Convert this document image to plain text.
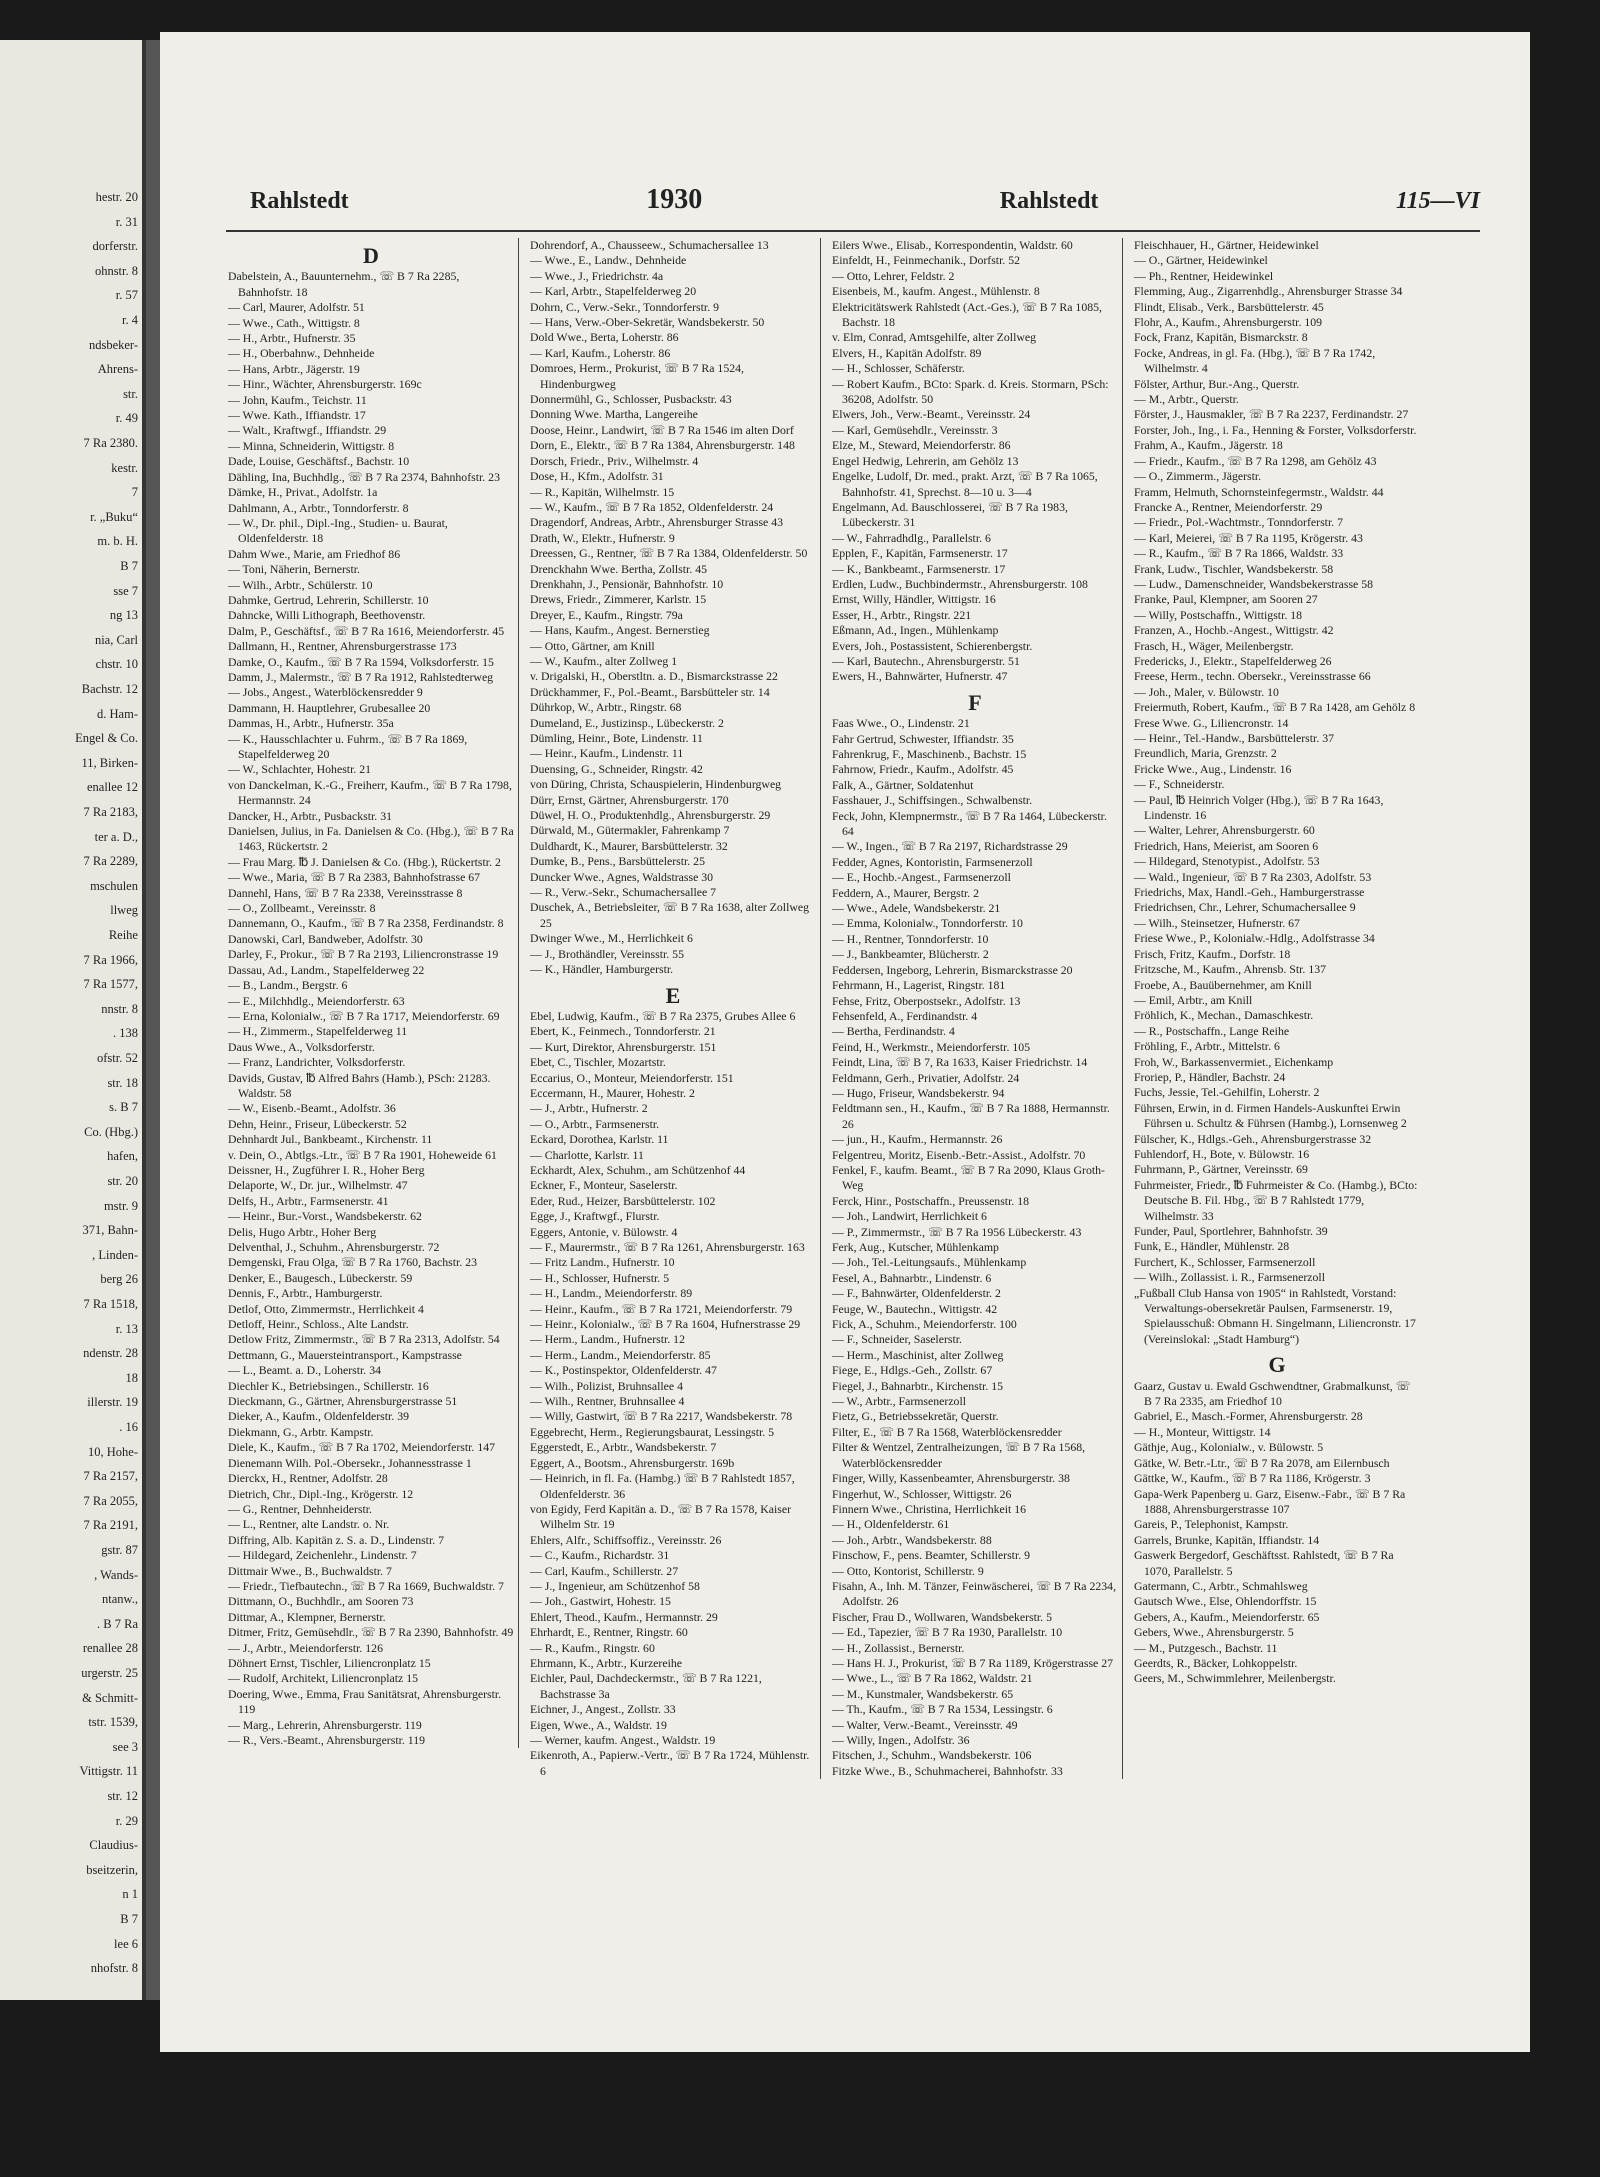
hestr. 20
r. 31
dorferstr.
ohnstr. 8
r. 57
r. 4
ndsbeker-
Ahrens-
str.
r. 49
7 Ra 2380.
kestr.
7
r. „Buku“
m. b. H.
B 7
sse 7
ng 13
nia, Carl
chstr. 10
Bachstr. 12
d. Ham-
Engel & Co.
11, Birken-
enallee 12
7 Ra 2183,
ter a. D.,
7 Ra 2289,
mschulen
llweg
Reihe
7 Ra 1966,
7 Ra 1577,
nnstr. 8
. 138
ofstr. 52
str. 18
s. B 7
Co. (Hbg.)
hafen,
str. 20
mstr. 9
371, Bahn-
, Linden-
berg 26
7 Ra 1518,
r. 13
ndenstr. 28
18
illerstr. 19
. 16
10, Hohe-
7 Ra 2157,
7 Ra 2055,
7 Ra 2191,
gstr. 87
, Wands-
ntanw.,
. B 7 Ra
renallee 28
urgerstr. 25
& Schmitt-
tstr. 1539,
see 3
Vittigstr. 11
str. 12
r. 29
Claudius-
bseitzerin,
n 1
B 7
lee 6
nhofstr. 8
Rahlstedt	1930	Rahlstedt	115—VI

D

Dabelstein, A., Bauunternehm., ☏ B 7 Ra 2285, Bahnhofstr. 18

— Carl, Maurer, Adolfstr. 51

— Wwe., Cath., Wittigstr. 8

— H., Arbtr., Hufnerstr. 35

— H., Oberbahnw., Dehnheide

— Hans, Arbtr., Jägerstr. 19

— Hinr., Wächter, Ahrensburgerstr. 169c

— John, Kaufm., Teichstr. 11

— Wwe. Kath., Iffiandstr. 17

— Walt., Kraftwgf., Iffiandstr. 29

— Minna, Schneiderin, Wittigstr. 8

Dade, Louise, Geschäftsf., Bachstr. 10

Dähling, Ina, Buchhdlg., ☏ B 7 Ra 2374, Bahnhofstr. 23

Dämke, H., Privat., Adolfstr. 1a

Dahlmann, A., Arbtr., Tonndorferstr. 8

— W., Dr. phil., Dipl.-Ing., Studien- u. Baurat, Oldenfelderstr. 18

Dahm Wwe., Marie, am Friedhof 86

— Toni, Näherin, Bernerstr.

— Wilh., Arbtr., Schülerstr. 10

Dahmke, Gertrud, Lehrerin, Schillerstr. 10

Dahncke, Willi Lithograph, Beethovenstr.

Dalm, P., Geschäftsf., ☏ B 7 Ra 1616, Meiendorferstr. 45

Dallmann, H., Rentner, Ahrensburgerstrasse 173

Damke, O., Kaufm., ☏ B 7 Ra 1594, Volksdorferstr. 15

Damm, J., Malermstr., ☏ B 7 Ra 1912, Rahlstedterweg

— Jobs., Angest., Waterblöckensredder 9

Dammann, H. Hauptlehrer, Grubesallee 20

Dammas, H., Arbtr., Hufnerstr. 35a

— K., Hausschlachter u. Fuhrm., ☏ B 7 Ra 1869, Stapelfelderweg 20

— W., Schlachter, Hohestr. 21

von Danckelman, K.-G., Freiherr, Kaufm., ☏ B 7 Ra 1798, Hermannstr. 24

Dancker, H., Arbtr., Pusbackstr. 31

Danielsen, Julius, in Fa. Danielsen & Co. (Hbg.), ☏ B 7 Ra 1463, Rückertstr. 2

— Frau Marg. ℔ J. Danielsen & Co. (Hbg.), Rückertstr. 2

— Wwe., Maria, ☏ B 7 Ra 2383, Bahnhofstrasse 67

Dannehl, Hans, ☏ B 7 Ra 2338, Vereinsstrasse 8

— O., Zollbeamt., Vereinsstr. 8

Dannemann, O., Kaufm., ☏ B 7 Ra 2358, Ferdinandstr. 8

Danowski, Carl, Bandweber, Adolfstr. 30

Darley, F., Prokur., ☏ B 7 Ra 2193, Liliencronstrasse 19

Dassau, Ad., Landm., Stapelfelderweg 22

— B., Landm., Bergstr. 6

— E., Milchhdlg., Meiendorferstr. 63

— Erna, Kolonialw., ☏ B 7 Ra 1717, Meiendorferstr. 69

— H., Zimmerm., Stapelfelderweg 11

Daus Wwe., A., Volksdorferstr.

— Franz, Landrichter, Volksdorferstr.

Davids, Gustav, ℔ Alfred Bahrs (Hamb.), PSch: 21283. Waldstr. 58

— W., Eisenb.-Beamt., Adolfstr. 36

Dehn, Heinr., Friseur, Lübeckerstr. 52

Dehnhardt Jul., Bankbeamt., Kirchenstr. 11

v. Dein, O., Abtlgs.-Ltr., ☏ B 7 Ra 1901, Hoheweide 61

Deissner, H., Zugführer I. R., Hoher Berg

Delaporte, W., Dr. jur., Wilhelmstr. 47

Delfs, H., Arbtr., Farmsenerstr. 41

— Heinr., Bur.-Vorst., Wandsbekerstr. 62

Delis, Hugo Arbtr., Hoher Berg

Delventhal, J., Schuhm., Ahrensburgerstr. 72

Demgenski, Frau Olga, ☏ B 7 Ra 1760, Bachstr. 23

Denker, E., Baugesch., Lübeckerstr. 59

Dennis, F., Arbtr., Hamburgerstr.

Detlof, Otto, Zimmermstr., Herrlichkeit 4

Detloff, Heinr., Schloss., Alte Landstr.

Detlow Fritz, Zimmermstr., ☏ B 7 Ra 2313, Adolfstr. 54

Dettmann, G., Mauersteintransport., Kampstrasse

— L., Beamt. a. D., Loherstr. 34

Diechler K., Betriebsingen., Schillerstr. 16

Dieckmann, G., Gärtner, Ahrensburgerstrasse 51

Dieker, A., Kaufm., Oldenfelderstr. 39

Diekmann, G., Arbtr. Kampstr.

Diele, K., Kaufm., ☏ B 7 Ra 1702, Meiendorferstr. 147

Dienemann Wilh. Pol.-Obersekr., Johannesstrasse 1

Dierckx, H., Rentner, Adolfstr. 28

Dietrich, Chr., Dipl.-Ing., Krögerstr. 12

— G., Rentner, Dehnheiderstr.

— L., Rentner, alte Landstr. o. Nr.

Diffring, Alb. Kapitän z. S. a. D., Lindenstr. 7

— Hildegard, Zeichenlehr., Lindenstr. 7

Dittmair Wwe., B., Buchwaldstr. 7

— Friedr., Tiefbautechn., ☏ B 7 Ra 1669, Buchwaldstr. 7

Dittmann, O., Buchhdlr., am Sooren 73

Dittmar, A., Klempner, Bernerstr.

Ditmer, Fritz, Gemüsehdlr., ☏ B 7 Ra 2390, Bahnhofstr. 49

— J., Arbtr., Meiendorferstr. 126

Döhnert Ernst, Tischler, Liliencronplatz 15

— Rudolf, Architekt, Liliencronplatz 15

Doering, Wwe., Emma, Frau Sanitätsrat, Ahrensburgerstr. 119

— Marg., Lehrerin, Ahrensburgerstr. 119

— R., Vers.-Beamt., Ahrensburgerstr. 119

Dohrendorf, A., Chausseew., Schumachersallee 13

— Wwe., E., Landw., Dehnheide

— Wwe., J., Friedrichstr. 4a

— Karl, Arbtr., Stapelfelderweg 20

Dohrn, C., Verw.-Sekr., Tonndorferstr. 9

— Hans, Verw.-Ober-Sekretär, Wandsbekerstr. 50

Dold Wwe., Berta, Loherstr. 86

— Karl, Kaufm., Loherstr. 86

Domroes, Herm., Prokurist, ☏ B 7 Ra 1524, Hindenburgweg

Donnermühl, G., Schlosser, Pusbackstr. 43

Donning Wwe. Martha, Langereihe

Doose, Heinr., Landwirt, ☏ B 7 Ra 1546 im alten Dorf

Dorn, E., Elektr., ☏ B 7 Ra 1384, Ahrensburgerstr. 148

Dorsch, Friedr., Priv., Wilhelmstr. 4

Dose, H., Kfm., Adolfstr. 31

— R., Kapitän, Wilhelmstr. 15

— W., Kaufm., ☏ B 7 Ra 1852, Oldenfelderstr. 24

Dragendorf, Andreas, Arbtr., Ahrensburger Strasse 43

Drath, W., Elektr., Hufnerstr. 9

Dreessen, G., Rentner, ☏ B 7 Ra 1384, Oldenfelderstr. 50

Drenckhahn Wwe. Bertha, Zollstr. 45

Drenkhahn, J., Pensionär, Bahnhofstr. 10

Drews, Friedr., Zimmerer, Karlstr. 15

Dreyer, E., Kaufm., Ringstr. 79a

— Hans, Kaufm., Angest. Bernerstieg

— Otto, Gärtner, am Knill

— W., Kaufm., alter Zollweg 1

v. Drigalski, H., Oberstltn. a. D., Bismarckstrasse 22

Drückhammer, F., Pol.-Beamt., Barsbütteler str. 14

Dührkop, W., Arbtr., Ringstr. 68

Dumeland, E., Justizinsp., Lübeckerstr. 2

Dümling, Heinr., Bote, Lindenstr. 11

— Heinr., Kaufm., Lindenstr. 11

Duensing, G., Schneider, Ringstr. 42

von Düring, Christa, Schauspielerin, Hindenburgweg

Dürr, Ernst, Gärtner, Ahrensburgerstr. 170

Düwel, H. O., Produktenhdlg., Ahrensburgerstr. 29

Dürwald, M., Gütermakler, Fahrenkamp 7

Duldhardt, K., Maurer, Barsbüttelerstr. 32

Dumke, B., Pens., Barsbüttelerstr. 25

Duncker Wwe., Agnes, Waldstrasse 30

— R., Verw.-Sekr., Schumachersallee 7

Duschek, A., Betriebsleiter, ☏ B 7 Ra 1638, alter Zollweg 25

Dwinger Wwe., M., Herrlichkeit 6

— J., Brothändler, Vereinsstr. 55

— K., Händler, Hamburgerstr.

E

Ebel, Ludwig, Kaufm., ☏ B 7 Ra 2375, Grubes Allee 6

Ebert, K., Feinmech., Tonndorferstr. 21

— Kurt, Direktor, Ahrensburgerstr. 151

Ebet, C., Tischler, Mozartstr.

Eccarius, O., Monteur, Meiendorferstr. 151

Eccermann, H., Maurer, Hohestr. 2

— J., Arbtr., Hufnerstr. 2

— O., Arbtr., Farmsenerstr.

Eckard, Dorothea, Karlstr. 11

— Charlotte, Karlstr. 11

Eckhardt, Alex, Schuhm., am Schützenhof 44

Eckner, F., Monteur, Saselerstr.

Eder, Rud., Heizer, Barsbüttelerstr. 102

Egge, J., Kraftwgf., Flurstr.

Eggers, Antonie, v. Bülowstr. 4

— F., Maurermstr., ☏ B 7 Ra 1261, Ahrensburgerstr. 163

— Fritz Landm., Hufnerstr. 10

— H., Schlosser, Hufnerstr. 5

— H., Landm., Meiendorferstr. 89

— Heinr., Kaufm., ☏ B 7 Ra 1721, Meiendorferstr. 79

— Heinr., Kolonialw., ☏ B 7 Ra 1604, Hufnerstrasse 29

— Herm., Landm., Hufnerstr. 12

— Herm., Landm., Meiendorferstr. 85

— K., Postinspektor, Oldenfelderstr. 47

— Wilh., Polizist, Bruhnsallee 4

— Wilh., Rentner, Bruhnsallee 4

— Willy, Gastwirt, ☏ B 7 Ra 2217, Wandsbekerstr. 78

Eggebrecht, Herm., Regierungsbaurat, Lessingstr. 5

Eggerstedt, E., Arbtr., Wandsbekerstr. 7

Eggert, A., Bootsm., Ahrensburgerstr. 169b

— Heinrich, in fl. Fa. (Hambg.) ☏ B 7 Rahlstedt 1857, Oldenfelderstr. 36

von Egidy, Ferd Kapitän a. D., ☏ B 7 Ra 1578, Kaiser Wilhelm Str. 19

Ehlers, Alfr., Schiffsoffiz., Vereinsstr. 26

— C., Kaufm., Richardstr. 31

— Carl, Kaufm., Schillerstr. 27

— J., Ingenieur, am Schützenhof 58

— Joh., Gastwirt, Hohestr. 15

Ehlert, Theod., Kaufm., Hermannstr. 29

Ehrhardt, E., Rentner, Ringstr. 60

— R., Kaufm., Ringstr. 60

Ehrmann, K., Arbtr., Kurzereihe

Eichler, Paul, Dachdeckermstr., ☏ B 7 Ra 1221, Bachstrasse 3a

Eichner, J., Angest., Zollstr. 33

Eigen, Wwe., A., Waldstr. 19

— Werner, kaufm. Angest., Waldstr. 19

Eikenroth, A., Papierw.-Vertr., ☏ B 7 Ra 1724, Mühlenstr. 6

Eilers Wwe., Elisab., Korrespondentin, Waldstr. 60

Einfeldt, H., Feinmechanik., Dorfstr. 52

— Otto, Lehrer, Feldstr. 2

Eisenbeis, M., kaufm. Angest., Mühlenstr. 8

Elektricitätswerk Rahlstedt (Act.-Ges.), ☏ B 7 Ra 1085, Bachstr. 18

v. Elm, Conrad, Amtsgehilfe, alter Zollweg

Elvers, H., Kapitän Adolfstr. 89

— H., Schlosser, Schäferstr.

— Robert Kaufm., BCto: Spark. d. Kreis. Stormarn, PSch: 36208, Adolfstr. 50

Elwers, Joh., Verw.-Beamt., Vereinsstr. 24

— Karl, Gemüsehdlr., Vereinsstr. 3

Elze, M., Steward, Meiendorferstr. 86

Engel Hedwig, Lehrerin, am Gehölz 13

Engelke, Ludolf, Dr. med., prakt. Arzt, ☏ B 7 Ra 1065, Bahnhofstr. 41, Sprechst. 8—10 u. 3—4

Engelmann, Ad. Bauschlosserei, ☏ B 7 Ra 1983, Lübeckerstr. 31

— W., Fahrradhdlg., Parallelstr. 6

Epplen, F., Kapitän, Farmsenerstr. 17

— K., Bankbeamt., Farmsenerstr. 17

Erdlen, Ludw., Buchbindermstr., Ahrensburgerstr. 108

Ernst, Willy, Händler, Wittigstr. 16

Esser, H., Arbtr., Ringstr. 221

Eßmann, Ad., Ingen., Mühlenkamp

Evers, Joh., Postassistent, Schierenbergstr.

— Karl, Bautechn., Ahrensburgerstr. 51

Ewers, H., Bahnwärter, Hufnerstr. 47

F

Faas Wwe., O., Lindenstr. 21

Fahr Gertrud, Schwester, Iffiandstr. 35

Fahrenkrug, F., Maschinenb., Bachstr. 15

Fahrnow, Friedr., Kaufm., Adolfstr. 45

Falk, A., Gärtner, Soldatenhut

Fasshauer, J., Schiffsingen., Schwalbenstr.

Feck, John, Klempnermstr., ☏ B 7 Ra 1464, Lübeckerstr. 64

— W., Ingen., ☏ B 7 Ra 2197, Richardstrasse 29

Fedder, Agnes, Kontoristin, Farmsenerzoll

— E., Hochb.-Angest., Farmsenerzoll

Feddern, A., Maurer, Bergstr. 2

— Wwe., Adele, Wandsbekerstr. 21

— Emma, Kolonialw., Tonndorferstr. 10

— H., Rentner, Tonndorferstr. 10

— J., Bankbeamter, Blücherstr. 2

Feddersen, Ingeborg, Lehrerin, Bismarckstrasse 20

Fehrmann, H., Lagerist, Ringstr. 181

Fehse, Fritz, Oberpostsekr., Adolfstr. 13

Fehsenfeld, A., Ferdinandstr. 4

— Bertha, Ferdinandstr. 4

Feind, H., Werkmstr., Meiendorferstr. 105

Feindt, Lina, ☏ B 7, Ra 1633, Kaiser Friedrichstr. 14

Feldmann, Gerh., Privatier, Adolfstr. 24

— Hugo, Friseur, Wandsbekerstr. 94

Feldtmann sen., H., Kaufm., ☏ B 7 Ra 1888, Hermannstr. 26

— jun., H., Kaufm., Hermannstr. 26

Felgentreu, Moritz, Eisenb.-Betr.-Assist., Adolfstr. 70

Fenkel, F., kaufm. Beamt., ☏ B 7 Ra 2090, Klaus Groth-Weg

Ferck, Hinr., Postschaffn., Preussenstr. 18

— Joh., Landwirt, Herrlichkeit 6

— P., Zimmermstr., ☏ B 7 Ra 1956 Lübeckerstr. 43

Ferk, Aug., Kutscher, Mühlenkamp

— Joh., Tel.-Leitungsaufs., Mühlenkamp

Fesel, A., Bahnarbtr., Lindenstr. 6

— F., Bahnwärter, Oldenfelderstr. 2

Feuge, W., Bautechn., Wittigstr. 42

Fick, A., Schuhm., Meiendorferstr. 100

— F., Schneider, Saselerstr.

— Herm., Maschinist, alter Zollweg

Fiege, E., Hdlgs.-Geh., Zollstr. 67

Fiegel, J., Bahnarbtr., Kirchenstr. 15

— W., Arbtr., Farmsenerzoll

Fietz, G., Betriebssekretär, Querstr.

Filter, E., ☏ B 7 Ra 1568, Waterblöckensredder

Filter & Wentzel, Zentralheizungen, ☏ B 7 Ra 1568, Waterblöckensredder

Finger, Willy, Kassenbeamter, Ahrensburgerstr. 38

Fingerhut, W., Schlosser, Wittigstr. 26

Finnern Wwe., Christina, Herrlichkeit 16

— H., Oldenfelderstr. 61

— Joh., Arbtr., Wandsbekerstr. 88

Finschow, F., pens. Beamter, Schillerstr. 9

— Otto, Kontorist, Schillerstr. 9

Fisahn, A., Inh. M. Tänzer, Feinwäscherei, ☏ B 7 Ra 2234, Adolfstr. 26

Fischer, Frau D., Wollwaren, Wandsbekerstr. 5

— Ed., Tapezier, ☏ B 7 Ra 1930, Parallelstr. 10

— H., Zollassist., Bernerstr.

— Hans H. J., Prokurist, ☏ B 7 Ra 1189, Krögerstrasse 27

— Wwe., L., ☏ B 7 Ra 1862, Waldstr. 21

— M., Kunstmaler, Wandsbekerstr. 65

— Th., Kaufm., ☏ B 7 Ra 1534, Lessingstr. 6

— Walter, Verw.-Beamt., Vereinsstr. 49

— Willy, Ingen., Adolfstr. 36

Fitschen, J., Schuhm., Wandsbekerstr. 106

Fitzke Wwe., B., Schuhmacherei, Bahnhofstr. 33

Fleischhauer, H., Gärtner, Heidewinkel

— O., Gärtner, Heidewinkel

— Ph., Rentner, Heidewinkel

Flemming, Aug., Zigarrenhdlg., Ahrensburger Strasse 34

Flindt, Elisab., Verk., Barsbüttelerstr. 45

Flohr, A., Kaufm., Ahrensburgerstr. 109

Fock, Franz, Kapitän, Bismarckstr. 8

Focke, Andreas, in gl. Fa. (Hbg.), ☏ B 7 Ra 1742, Wilhelmstr. 4

Fölster, Arthur, Bur.-Ang., Querstr.

— M., Arbtr., Querstr.

Förster, J., Hausmakler, ☏ B 7 Ra 2237, Ferdinandstr. 27

Forster, Joh., Ing., i. Fa., Henning & Forster, Volksdorferstr.

Frahm, A., Kaufm., Jägerstr. 18

— Friedr., Kaufm., ☏ B 7 Ra 1298, am Gehölz 43

— O., Zimmerm., Jägerstr.

Framm, Helmuth, Schornsteinfegermstr., Waldstr. 44

Francke A., Rentner, Meiendorferstr. 29

— Friedr., Pol.-Wachtmstr., Tonndorferstr. 7

— Karl, Meierei, ☏ B 7 Ra 1195, Krögerstr. 43

— R., Kaufm., ☏ B 7 Ra 1866, Waldstr. 33

Frank, Ludw., Tischler, Wandsbekerstr. 58

— Ludw., Damenschneider, Wandsbekerstrasse 58

Franke, Paul, Klempner, am Sooren 27

— Willy, Postschaffn., Wittigstr. 18

Franzen, A., Hochb.-Angest., Wittigstr. 42

Frasch, H., Wäger, Meilenbergstr.

Fredericks, J., Elektr., Stapelfelderweg 26

Freese, Herm., techn. Obersekr., Vereinsstrasse 66

— Joh., Maler, v. Bülowstr. 10

Freiermuth, Robert, Kaufm., ☏ B 7 Ra 1428, am Gehölz 8

Frese Wwe. G., Liliencronstr. 14

— Heinr., Tel.-Handw., Barsbüttelerstr. 37

Freundlich, Maria, Grenzstr. 2

Fricke Wwe., Aug., Lindenstr. 16

— F., Schneiderstr.

— Paul, ℔ Heinrich Volger (Hbg.), ☏ B 7 Ra 1643, Lindenstr. 16

— Walter, Lehrer, Ahrensburgerstr. 60

Friedrich, Hans, Meierist, am Sooren 6

— Hildegard, Stenotypist., Adolfstr. 53

— Wald., Ingenieur, ☏ B 7 Ra 2303, Adolfstr. 53

Friedrichs, Max, Handl.-Geh., Hamburgerstrasse

Friedrichsen, Chr., Lehrer, Schumachersallee 9

— Wilh., Steinsetzer, Hufnerstr. 67

Friese Wwe., P., Kolonialw.-Hdlg., Adolfstrasse 34

Frisch, Fritz, Kaufm., Dorfstr. 18

Fritzsche, M., Kaufm., Ahrensb. Str. 137

Froebe, A., Bauübernehmer, am Knill

— Emil, Arbtr., am Knill

Fröhlich, K., Mechan., Damaschkestr.

— R., Postschaffn., Lange Reihe

Fröhling, F., Arbtr., Mittelstr. 6

Froh, W., Barkassenvermiet., Eichenkamp

Froriep, P., Händler, Bachstr. 24

Fuchs, Jessie, Tel.-Gehilfin, Loherstr. 2

Führsen, Erwin, in d. Firmen Handels-Auskunftei Erwin Führsen u. Schultz & Führsen (Hambg.), Lornsenweg 2

Fülscher, K., Hdlgs.-Geh., Ahrensburgerstrasse 32

Fuhlendorf, H., Bote, v. Bülowstr. 16

Fuhrmann, P., Gärtner, Vereinsstr. 69

Fuhrmeister, Friedr., ℔ Fuhrmeister & Co. (Hambg.), BCto: Deutsche B. Fil. Hbg., ☏ B 7 Rahlstedt 1779, Wilhelmstr. 33

Funder, Paul, Sportlehrer, Bahnhofstr. 39

Funk, E., Händler, Mühlenstr. 28

Furchert, K., Schlosser, Farmsenerzoll

— Wilh., Zollassist. i. R., Farmsenerzoll

„Fußball Club Hansa von 1905“ in Rahlstedt, Vorstand: Verwaltungs-obersekretär Paulsen, Farmsenerstr. 19, Spielausschuß: Obmann H. Singelmann, Liliencronstr. 17 (Vereinslokal: „Stadt Hamburg“)

G

Gaarz, Gustav u. Ewald Gschwendtner, Grabmalkunst, ☏ B 7 Ra 2335, am Friedhof 10

Gabriel, E., Masch.-Former, Ahrensburgerstr. 28

— H., Monteur, Wittigstr. 14

Gäthje, Aug., Kolonialw., v. Bülowstr. 5

Gätke, W. Betr.-Ltr., ☏ B 7 Ra 2078, am Eilernbusch

Gättke, W., Kaufm., ☏ B 7 Ra 1186, Krögerstr. 3

Gapa-Werk Papenberg u. Garz, Eisenw.-Fabr., ☏ B 7 Ra 1888, Ahrensburgerstrasse 107

Gareis, P., Telephonist, Kampstr.

Garrels, Brunke, Kapitän, Iffiandstr. 14

Gaswerk Bergedorf, Geschäftsst. Rahlstedt, ☏ B 7 Ra 1070, Parallelstr. 5

Gatermann, C., Arbtr., Schmahlsweg

Gautsch Wwe., Else, Ohlendorffstr. 15

Gebers, A., Kaufm., Meiendorferstr. 65

Gebers, Wwe., Ahrensburgerstr. 5

— M., Putzgesch., Bachstr. 11

Geerdts, R., Bäcker, Lohkoppelstr.

Geers, M., Schwimmlehrer, Meilenbergstr.
